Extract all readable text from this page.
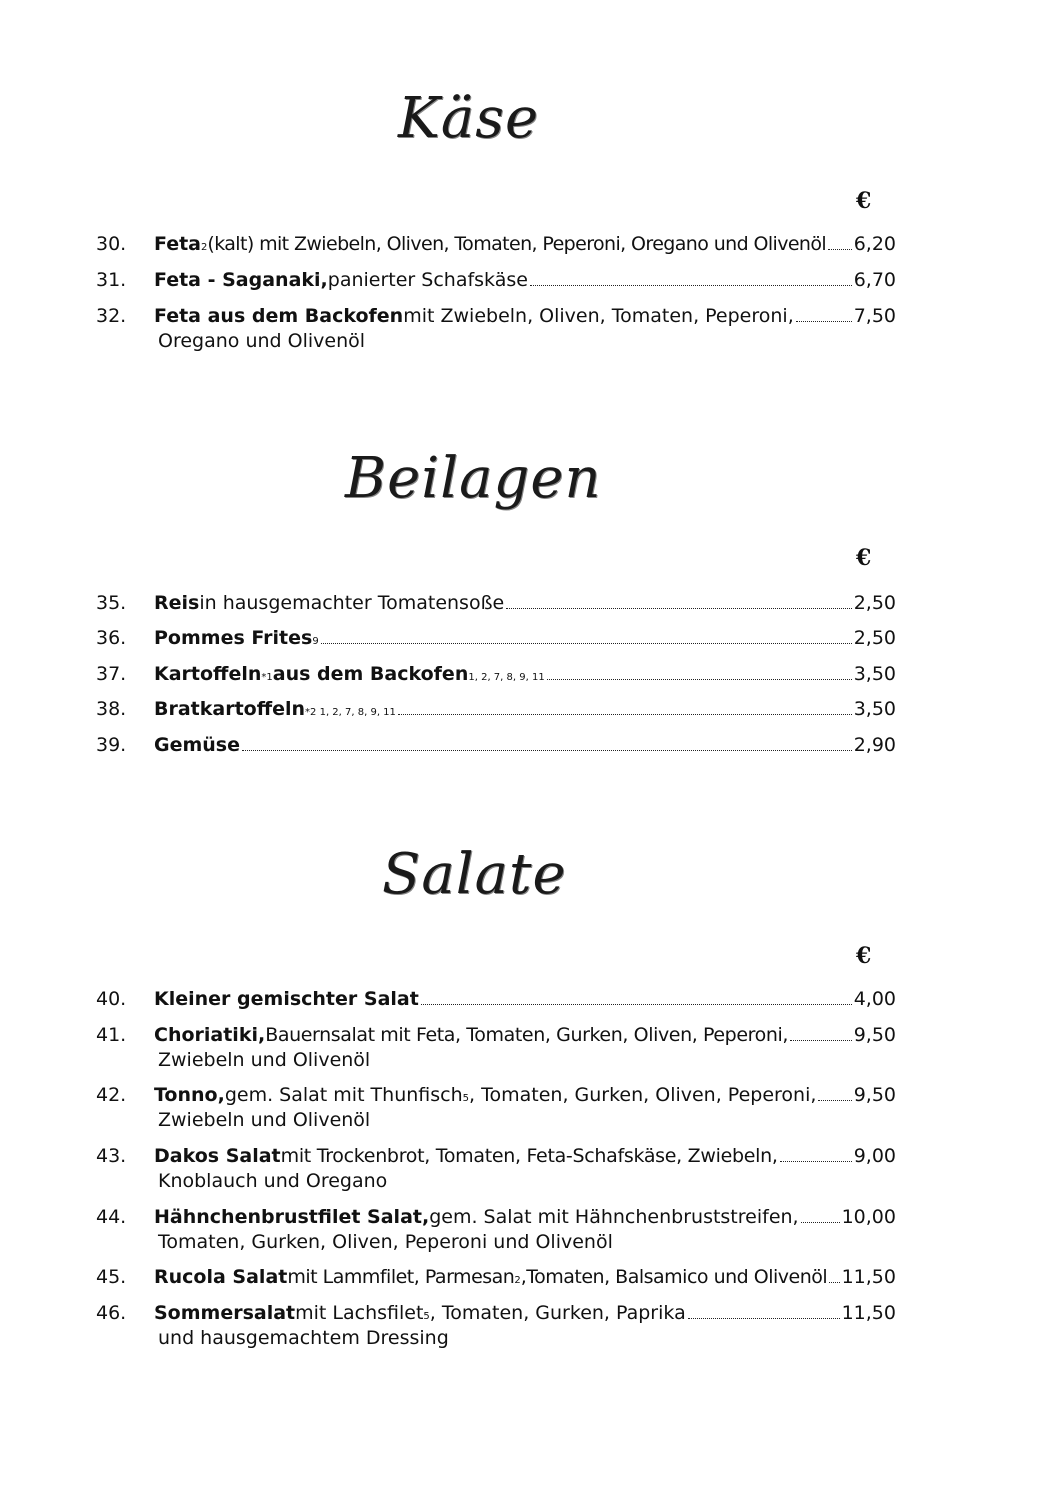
Käse
€
30.	Feta 2 (kalt) mit Zwiebeln, Oliven, Tomaten, Peperoni, Oregano und Olivenöl 6,20
31.	Feta - Saganaki, panierter Schafskäse	6,70
32.	Feta aus dem Backofen mit Zwiebeln, Oliven, Tomaten, Peperoni,	7,50
Oregano und Olivenöl
Beilagen
€
35.	Reis in hausgemachter Tomatensoße	2,50
36.	Pommes Frites 9	2,50
37.	Kartoffeln *1 aus dem Backofen 1, 2, 7, 8, 9, 11	3,50
38.	Bratkartoffeln *2 1, 2, 7, 8, 9, 11	3,50
39.	Gemüse	2,90
Salate
€
40.	Kleiner gemischter Salat	4,00
41.	Choriatiki, Bauernsalat mit Feta, Tomaten, Gurken, Oliven, Peperoni,	9,50
Zwiebeln und Olivenöl
42.	Tonno, gem. Salat mit Thunfisch 5 , Tomaten, Gurken, Oliven, Peperoni, 9,50
Zwiebeln und Olivenöl
43.	Dakos Salat mit Trockenbrot, Tomaten, Feta-Schafskäse, Zwiebeln,	9,00
Knoblauch und Oregano
44.	Hähnchenbrustfilet Salat, gem. Salat mit Hähnchenbruststreifen, 10,00
Tomaten, Gurken, Oliven, Peperoni und Olivenöl
45.	Rucola Salat mit Lammfilet, Parmesan 2 ,Tomaten, Balsamico und Olivenöl 11,50
46.	Sommersalat mit Lachsfilet 5 , Tomaten, Gurken, Paprika	11,50
und hausgemachtem Dressing
